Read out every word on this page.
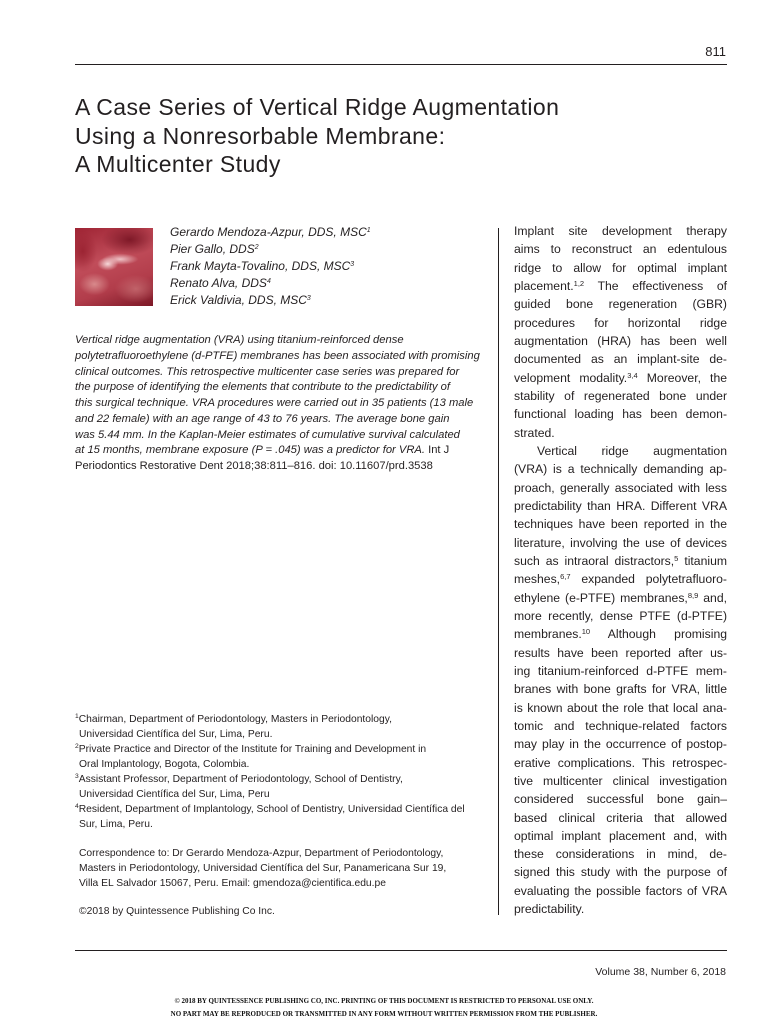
811
A Case Series of Vertical Ridge Augmentation
Using a Nonresorbable Membrane:
A Multicenter Study
Gerardo Mendoza-Azpur, DDS, MSC$^1$
Pier Gallo, DDS$^2$
Frank Mayta-Tovalino, DDS, MSC$^3$
Renato Alva, DDS$^4$
Erick Valdivia, DDS, MSC$^3$
Vertical ridge augmentation (VRA) using titanium-reinforced dense
polytetrafluoroethylene (d-PTFE) membranes has been associated with promising
clinical outcomes. This retrospective multicenter case series was prepared for
the purpose of identifying the elements that contribute to the predictability of
this surgical technique. VRA procedures were carried out in 35 patients (13 male
and 22 female) with an age range of 43 to 76 years. The average bone gain
was 5.44 mm. In the Kaplan-Meier estimates of cumulative survival calculated
at 15 months, membrane exposure (P = .045) was a predictor for VRA. Int J
Periodontics Restorative Dent 2018;38:811–816. doi: 10.11607/prd.3538
Implant site development therapy
aims to reconstruct an edentulous
ridge to allow for optimal implant
placement.$^{1,2}$ The effectiveness of
guided bone regeneration (GBR)
procedures for horizontal ridge
augmentation (HRA) has been well
documented as an implant-site de-
velopment modality.$^{3,4}$ Moreover, the
stability of regenerated bone under
functional loading has been demon-
strated.
Vertical ridge augmentation
(VRA) is a technically demanding ap-
proach, generally associated with less
predictability than HRA. Different VRA
techniques have been reported in the
literature, involving the use of devices
such as intraoral distractors,$^5$ titanium
meshes,$^{6,7}$ expanded polytetrafluoro-
ethylene (e-PTFE) membranes,$^{8,9}$ and,
more recently, dense PTFE (d-PTFE)
membranes.$^{10}$ Although promising
results have been reported after us-
ing titanium-reinforced d-PTFE mem-
branes with bone grafts for VRA, little
is known about the role that local ana-
tomic and technique-related factors
may play in the occurrence of postop-
erative complications. This retrospec-
tive multicenter clinical investigation
considered successful bone gain–
based clinical criteria that allowed
optimal implant placement and, with
these considerations in mind, de-
signed this study with the purpose of
evaluating the possible factors of VRA
predictability.
$^1$Chairman, Department of Periodontology, Masters in Periodontology,
Universidad Científica del Sur, Lima, Peru.
$^2$Private Practice and Director of the Institute for Training and Development in
Oral Implantology, Bogota, Colombia.
$^3$Assistant Professor, Department of Periodontology, School of Dentistry,
Universidad Científica del Sur, Lima, Peru
$^4$Resident, Department of Implantology, School of Dentistry, Universidad Científica del
Sur, Lima, Peru.
Correspondence to: Dr Gerardo Mendoza-Azpur, Department of Periodontology,
Masters in Periodontology, Universidad Científica del Sur, Panamericana Sur 19,
Villa EL Salvador 15067, Peru. Email: gmendoza@cientifica.edu.pe
©2018 by Quintessence Publishing Co Inc.
Volume 38, Number 6, 2018
© 2018 BY QUINTESSENCE PUBLISHING CO, INC. PRINTING OF THIS DOCUMENT IS RESTRICTED TO PERSONAL USE ONLY.
NO PART MAY BE REPRODUCED OR TRANSMITTED IN ANY FORM WITHOUT WRITTEN PERMISSION FROM THE PUBLISHER.
